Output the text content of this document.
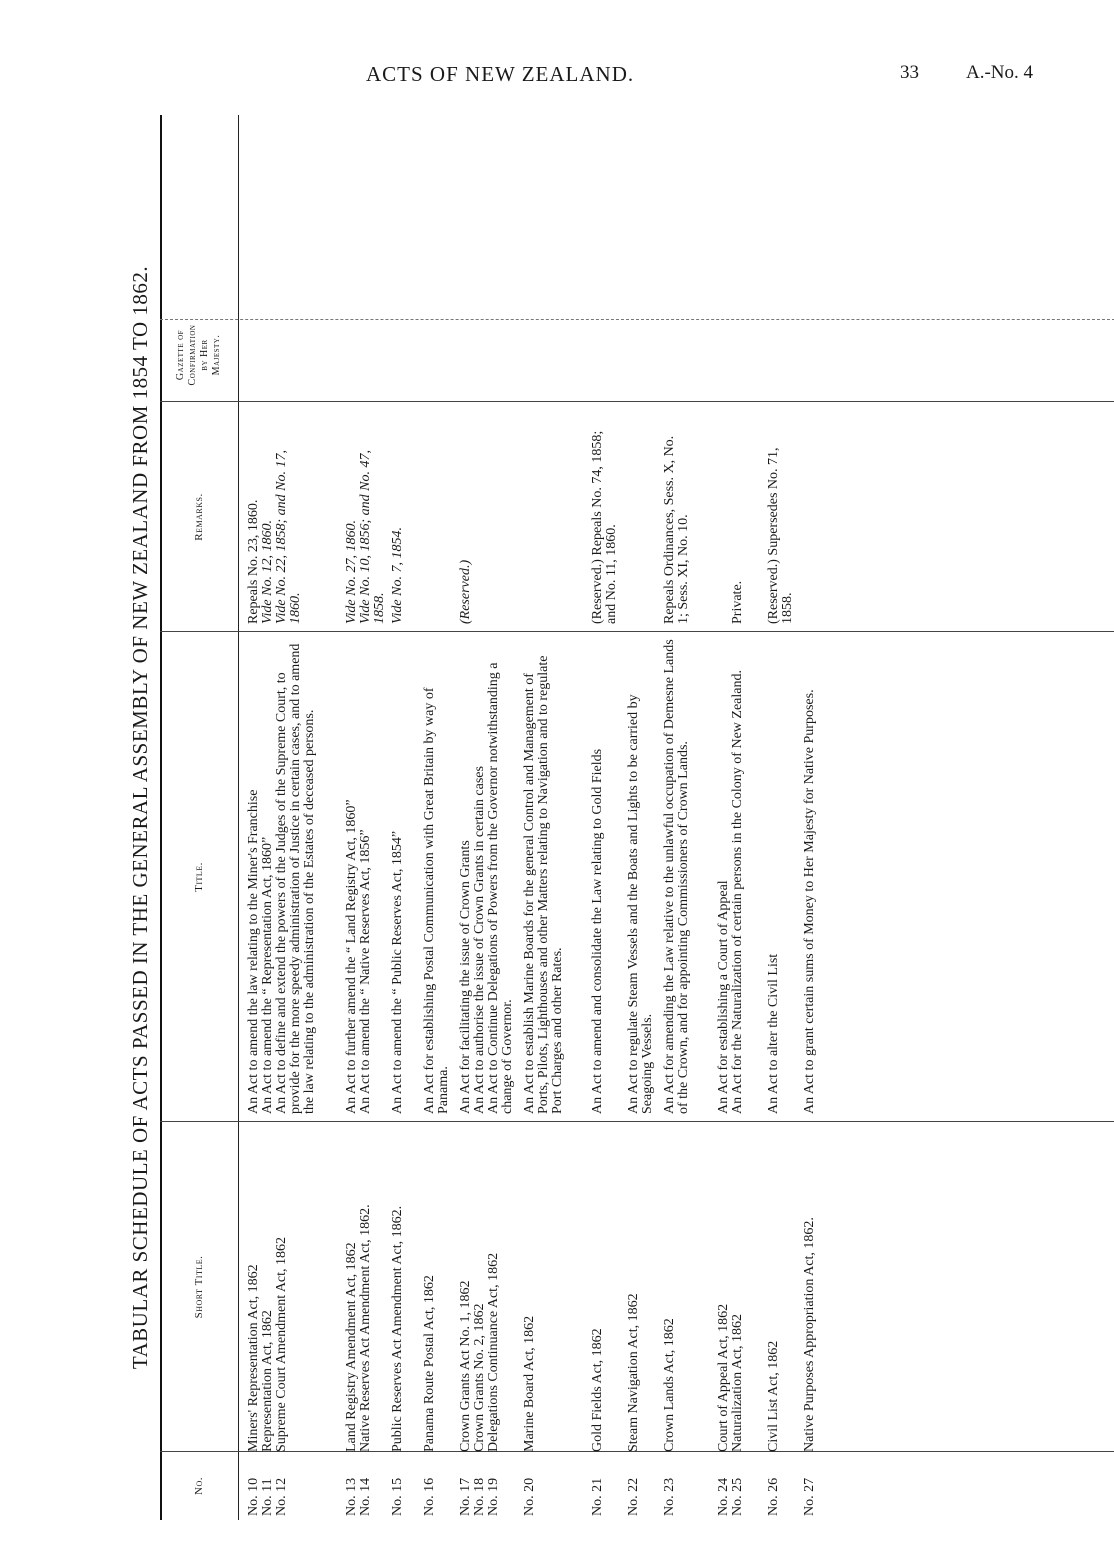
ACTS OF NEW ZEALAND.	33 A.-No. 4
TABULAR SCHEDULE OF ACTS PASSED IN THE GENERAL ASSEMBLY OF NEW ZEALAND FROM 1854 TO 1862.
No.
Short Title.
Title.
Remarks.
Gazette of Confirmation by Her Majesty.
No. 10
Miners' Representation Act, 1862
An Act to amend the law relating to the Miner's Franchise
Repeals No. 23, 1860.
No. 11
Representation Act, 1862
An Act to amend the “ Representation Act, 1860”
Vide No. 12, 1860.
No. 12
Supreme Court Amendment Act, 1862
An Act to define and extend the powers of the Judges of the Supreme Court, to provide for the more speedy administration of Justice in certain cases, and to amend the law relating to the administration of the Estates of deceased persons.
Vide No. 22, 1858; and No. 17, 1860.
No. 13
Land Registry Amendment Act, 1862
An Act to further amend the “ Land Registry Act, 1860”
Vide No. 27, 1860.
No. 14
Native Reserves Act Amendment Act, 1862.
An Act to amend the “ Native Reserves Act, 1856”
Vide No. 10, 1856; and No. 47, 1858.
No. 15
Public Reserves Act Amendment Act, 1862.
An Act to amend the “ Public Reserves Act, 1854”
Vide No. 7, 1854.
No. 16
Panama Route Postal Act, 1862
An Act for establishing Postal Communication with Great Britain by way of Panama.
No. 17
Crown Grants Act No. 1, 1862
An Act for facilitating the issue of Crown Grants
(Reserved.)
No. 18
Crown Grants No. 2, 1862
An Act to authorise the issue of Crown Grants in certain cases
No. 19
Delegations Continuance Act, 1862
An Act to Continue Delegations of Powers from the Governor notwithstanding a change of Governor.
No. 20
Marine Board Act, 1862
An Act to establish Marine Boards for the general Control and Management of Ports, Pilots, Lighthouses and other Matters relating to Navigation and to regulate Port Charges and other Rates.
No. 21
Gold Fields Act, 1862
An Act to amend and consolidate the Law relating to Gold Fields
(Reserved.) Repeals No. 74, 1858; and No. 11, 1860.
No. 22
Steam Navigation Act, 1862
An Act to regulate Steam Vessels and the Boats and Lights to be carried by Seagoing Vessels.
No. 23
Crown Lands Act, 1862
An Act for amending the Law relative to the unlawful occupation of Demesne Lands of the Crown, and for appointing Commissioners of Crown Lands.
Repeals Ordinances, Sess. X, No. 1; Sess. XI, No. 10.
No. 24
Court of Appeal Act, 1862
An Act for establishing a Court of Appeal
No. 25
Naturalization Act, 1862
An Act for the Naturalization of certain persons in the Colony of New Zealand.
Private.
No. 26
Civil List Act, 1862
An Act to alter the Civil List
(Reserved.) Supersedes No. 71, 1858.
No. 27
Native Purposes Appropriation Act, 1862.
An Act to grant certain sums of Money to Her Majesty for Native Purposes.
